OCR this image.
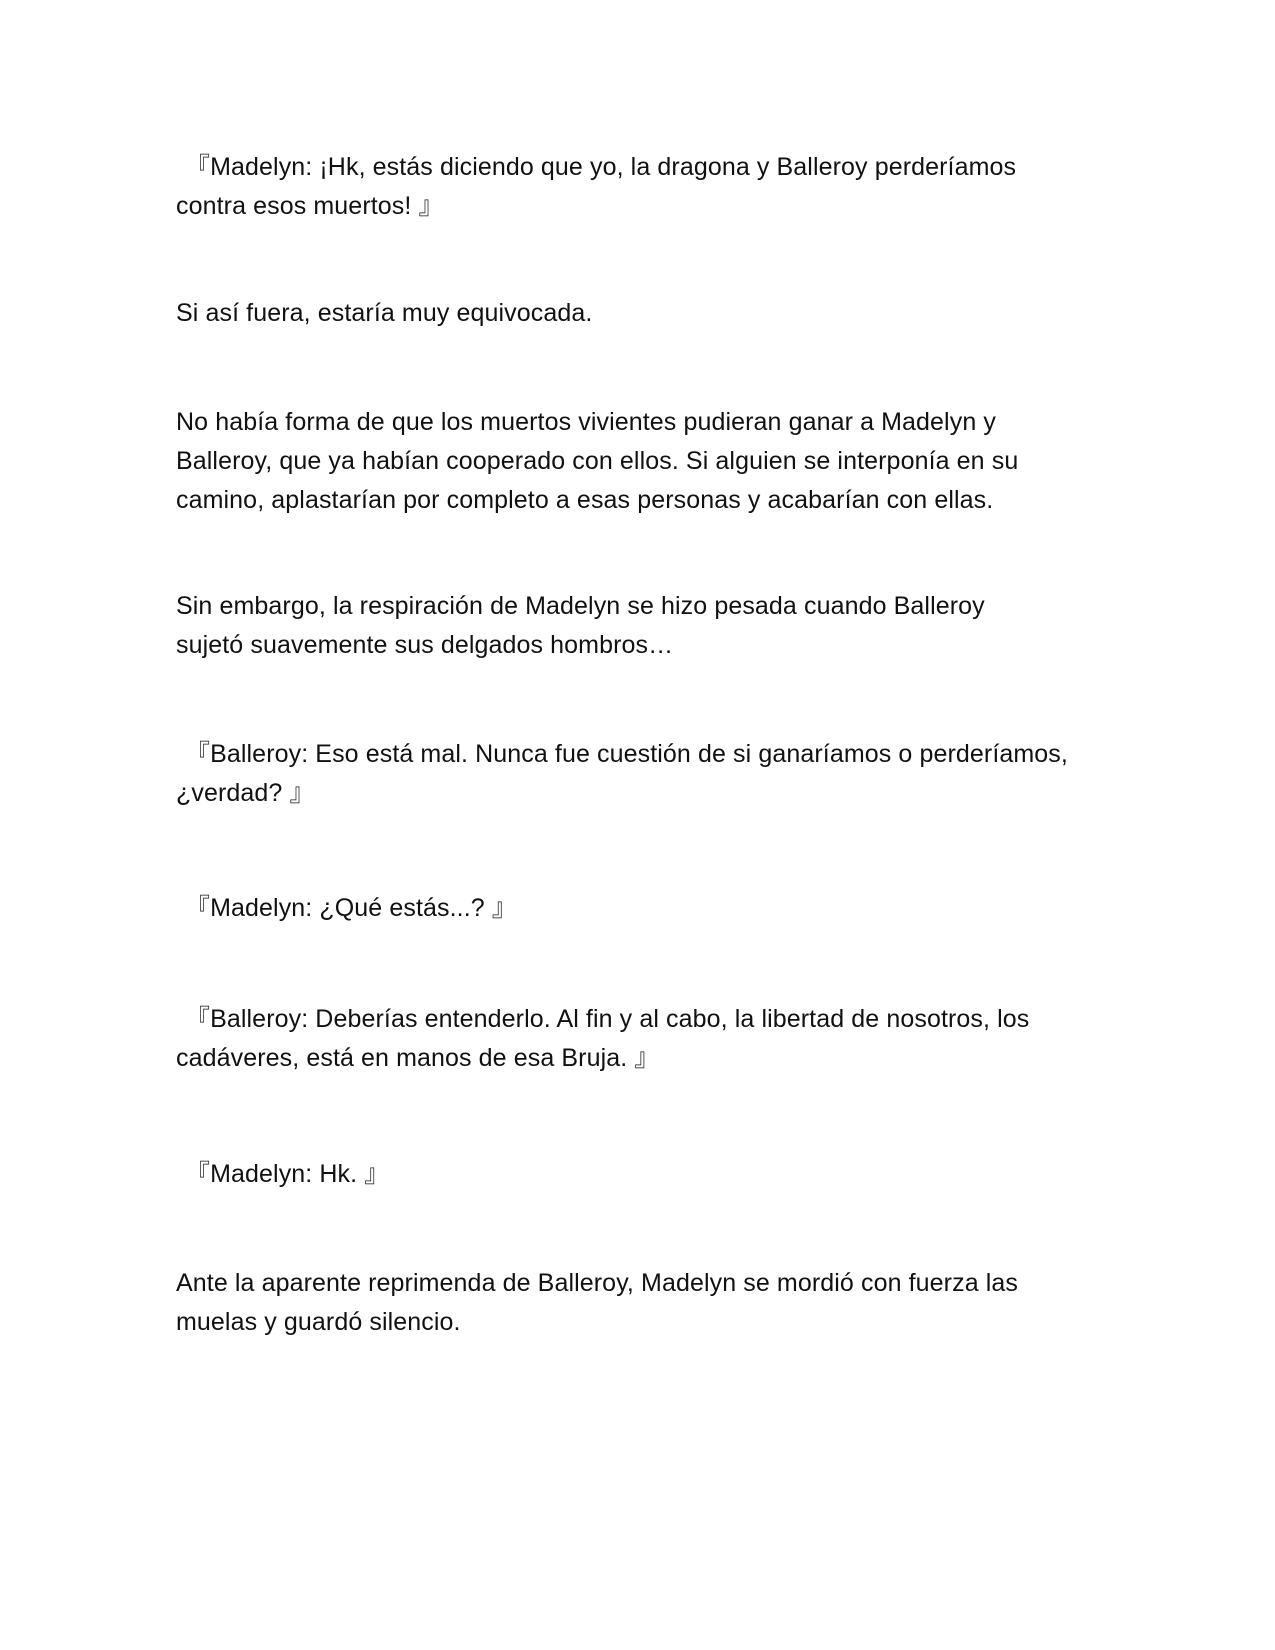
『Madelyn: ¡Hk, estás diciendo que yo, la dragona y Balleroy perderíamos
contra esos muertos! 』

Si así fuera, estaría muy equivocada.

No había forma de que los muertos vivientes pudieran ganar a Madelyn y
Balleroy, que ya habían cooperado con ellos. Si alguien se interponía en su
camino, aplastarían por completo a esas personas y acabarían con ellas.

Sin embargo, la respiración de Madelyn se hizo pesada cuando Balleroy
sujetó suavemente sus delgados hombros…

『Balleroy: Eso está mal. Nunca fue cuestión de si ganaríamos o perderíamos,
¿verdad? 』

『Madelyn: ¿Qué estás...? 』

『Balleroy: Deberías entenderlo. Al fin y al cabo, la libertad de nosotros, los
cadáveres, está en manos de esa Bruja. 』

『Madelyn: Hk. 』

Ante la aparente reprimenda de Balleroy, Madelyn se mordió con fuerza las
muelas y guardó silencio.
